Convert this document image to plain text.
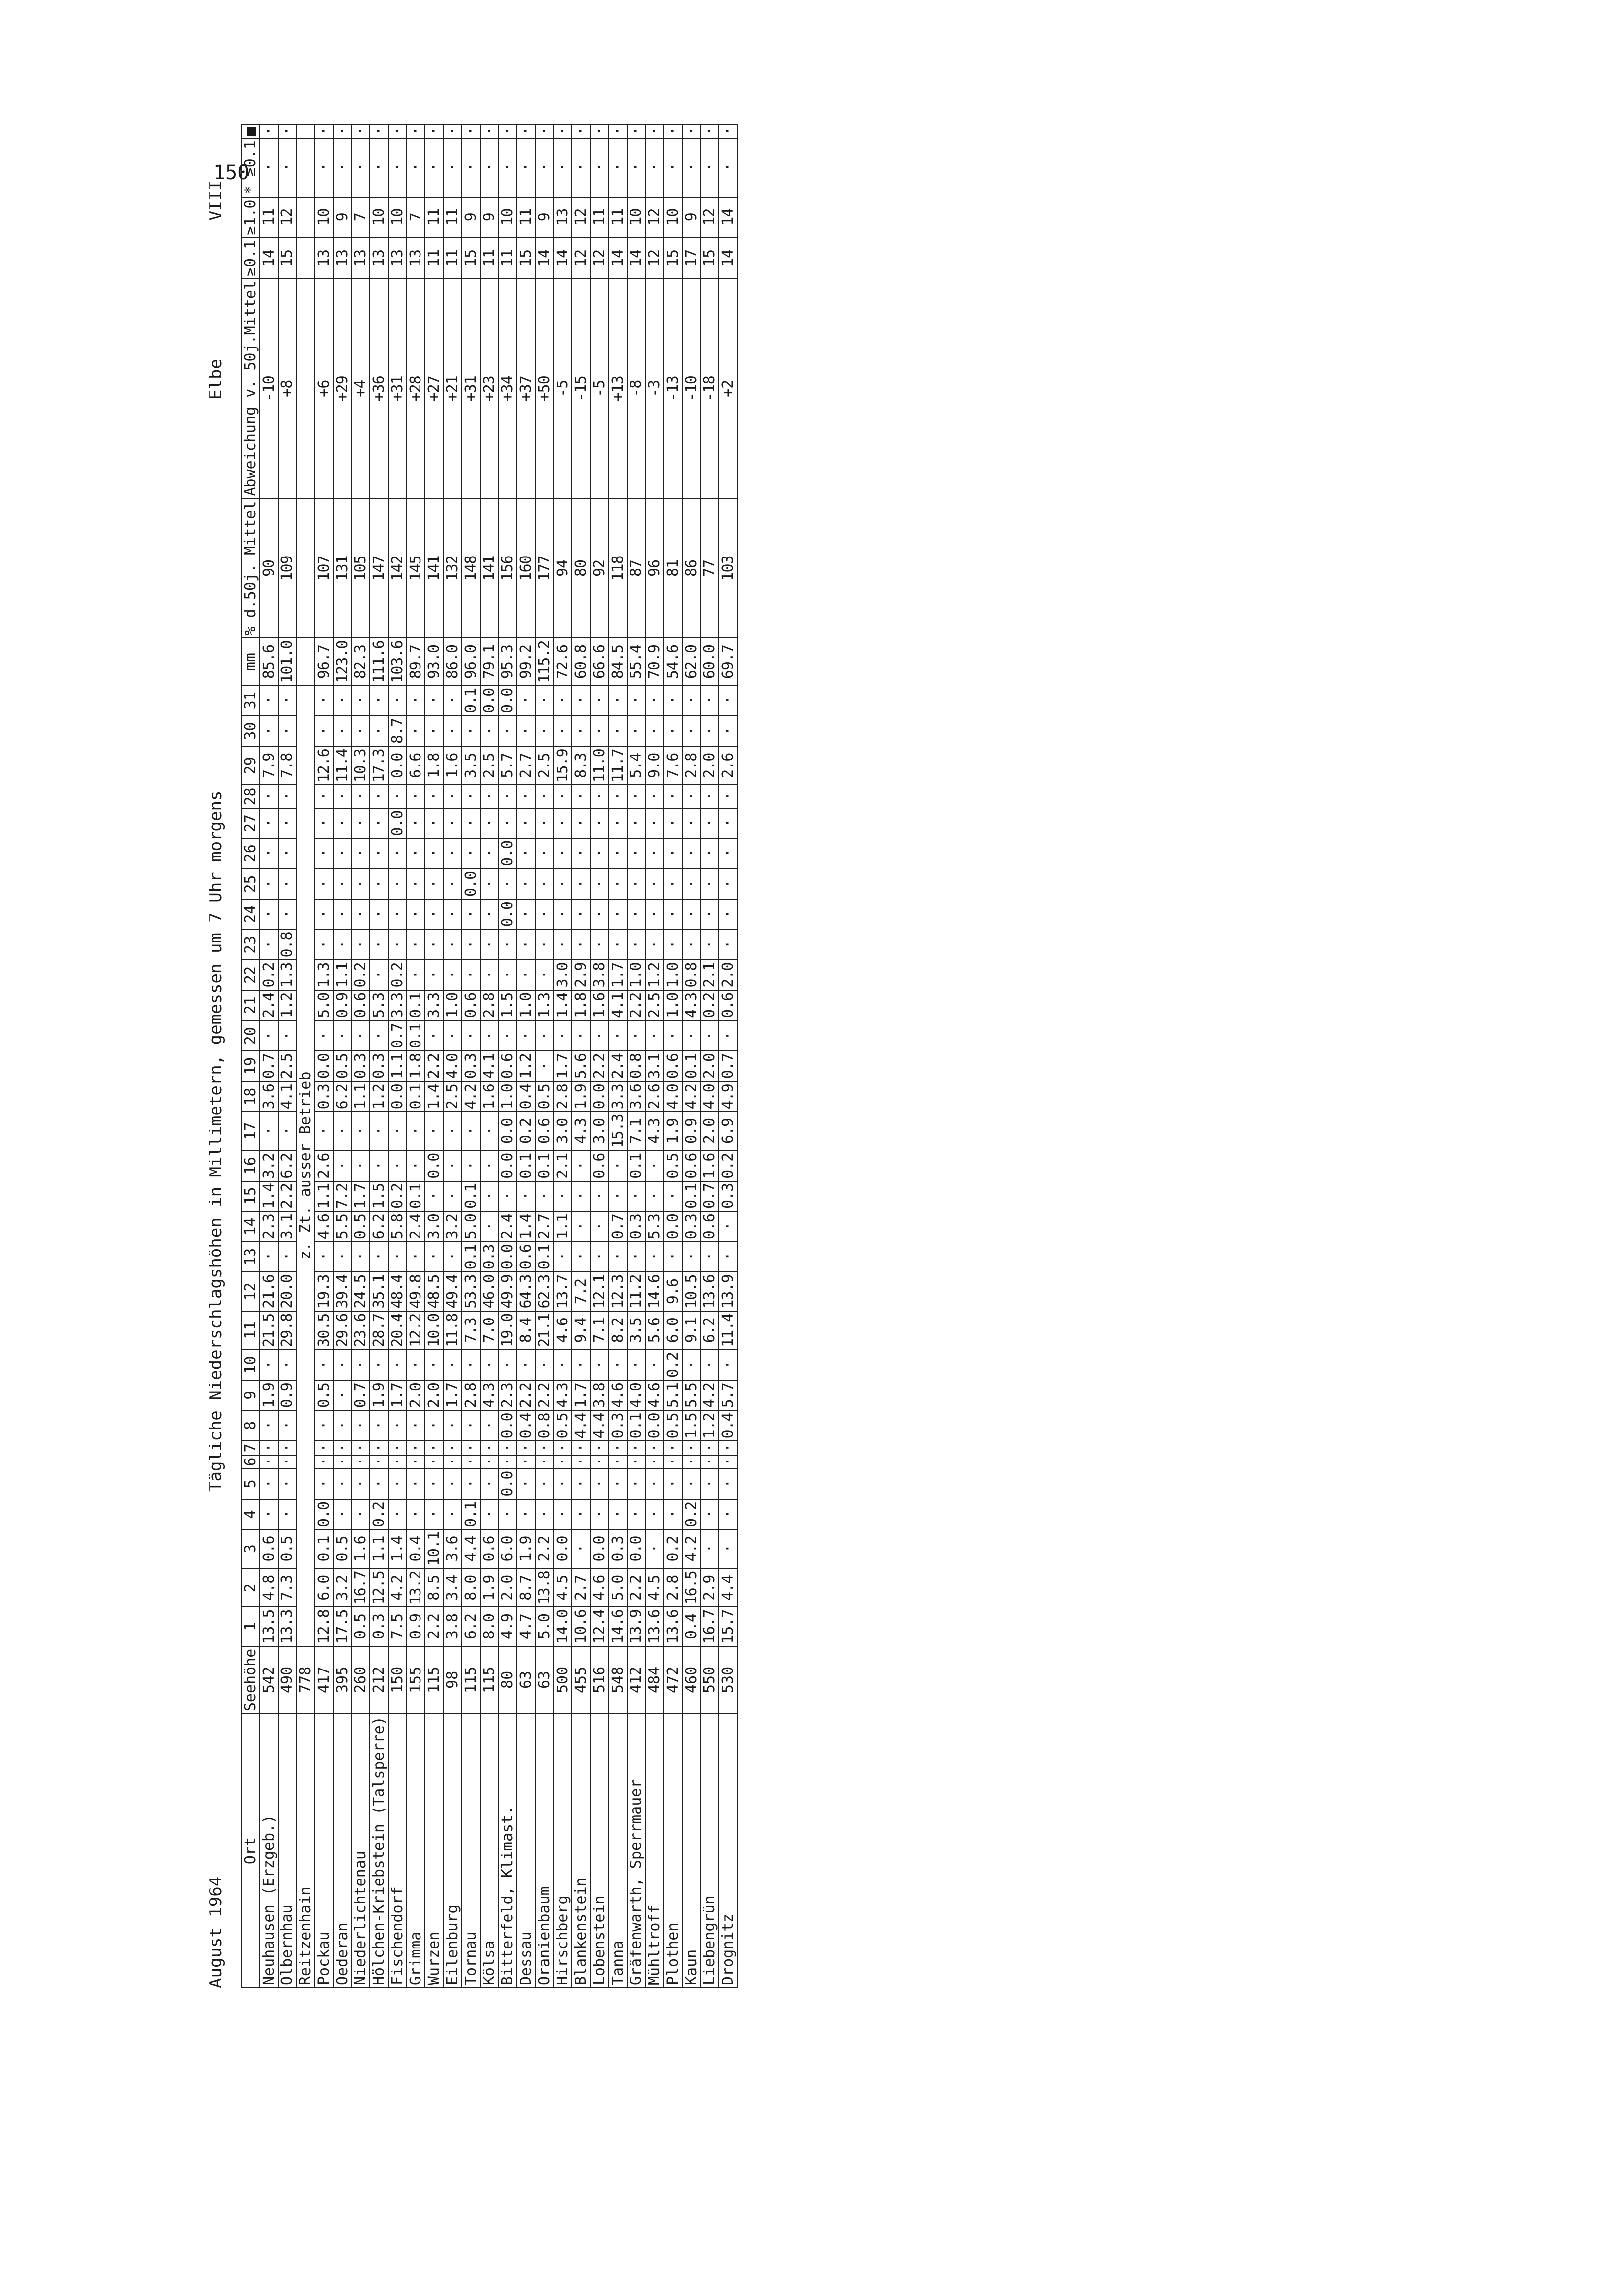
150
August 1964
Tägliche Niederschlagshöhen in Millimetern, gemessen um 7 Uhr morgens
Elbe
VIII
Ort	Seehöhe	1	2	3	4	5	6	7	8	9	10	11	12	13	14	15	16	17	18	19	20	21	22	23	24	25	26	27	28	29	30	31	mm	% d.50j. Mittel	Abweichung v. 50j.Mittel	≥0.1	≥1.0	* ≥0.1	■
Neuhausen (Erzgeb.)	542	13.5	4.8	0.6	·	·	·	·	·	1.9	·	21.5	21.6	·	2.3	1.4	3.2	·	3.6	0.7	·	2.4	0.2	·	·	·	·	·	·	7.9	·	·	85.6	90	-10	14	11	·	·
Olbernhau	490	13.3	7.3	0.5	·	·	·	·	·	0.9	·	29.8	20.0	·	3.1	2.2	6.2	·	4.1	2.5	·	1.2	1.3	0.8	·	·	·	·	·	7.8	·	·	101.0	109	+8	15	12	·	·
Reitzenhain	778	z. Zt. ausser Betrieb																																					
Pockau	417	12.8	6.0	0.1	0.0	·	·	·	·	0.5	·	30.5	19.3	·	4.6	1.1	2.6	·	0.3	0.0	·	5.0	1.3	·	·	·	·	·	·	12.6	·	·	96.7	107	+6	13	10	·	·
Oederan	395	17.5	3.2	0.5	·	·	·	·	·	·	·	29.6	39.4	·	5.5	7.2	·	·	6.2	0.5	·	0.9	1.1	·	·	·	·	·	·	11.4	·	·	123.0	131	+29	13	9	·	·
Niederlichtenau	260	0.5	16.7	1.6	·	·	·	·	·	0.7	·	23.6	24.5	·	0.5	1.7	·	·	1.1	0.3	·	0.6	0.2	·	·	·	·	·	·	10.3	·	·	82.3	105	+4	13	7	·	·
Hölchen-Kriebstein (Talsperre)	212	0.3	12.5	1.1	0.2	·	·	·	·	1.9	·	28.7	35.1	·	6.2	1.5	·	·	1.2	0.3	·	5.3	·	·	·	·	·	·	·	17.3	·	·	111.6	147	+36	13	10	·	·
Fischendorf	150	7.5	4.2	1.4	·	·	·	·	·	1.7	·	20.4	48.4	·	5.8	0.2	·	·	0.0	1.1	0.7	3.3	0.2	·	·	·	·	0.0	·	0.0	8.7	·	103.6	142	+31	13	10	·	·
Grimma	155	0.9	13.2	0.4	·	·	·	·	·	2.0	·	12.2	49.8	·	2.4	0.1	·	·	0.1	1.8	0.1	0.1	·	·	·	·	·	·	·	6.6	·	·	89.7	145	+28	13	7	·	·
Wurzen	115	2.2	8.5	10.1	·	·	·	·	·	2.0	·	10.0	48.5	·	3.0	·	0.0	·	1.4	2.2	·	3.3	·	·	·	·	·	·	·	1.8	·	·	93.0	141	+27	11	11	·	·
Eilenburg	98	3.8	3.4	3.6	·	·	·	·	·	1.7	·	11.8	49.4	·	3.2	·	·	·	2.5	4.0	·	1.0	·	·	·	·	·	·	·	1.6	·	·	86.0	132	+21	11	11	·	·
Tornau	115	6.2	8.0	4.4	0.1	·	·	·	·	2.8	·	7.3	53.3	0.1	5.0	0.1	·	·	4.2	0.3	·	0.6	·	·	·	0.0	·	·	·	3.5	·	0.1	96.0	148	+31	15	9	·	·
Kölsa	115	8.0	1.9	0.6	·	·	·	·	·	4.3	·	7.0	46.0	0.3	·	·	·	·	1.6	4.1	·	2.8	·	·	·	·	·	·	·	2.5	·	0.0	79.1	141	+23	11	9	·	·
Bitterfeld, Klimast.	80	4.9	2.0	6.0	·	0.0	·	·	0.0	2.3	·	19.0	49.9	0.0	2.4	·	0.0	0.0	1.0	0.6	·	1.5	·	·	0.0	·	0.0	·	·	5.7	·	0.0	95.3	156	+34	11	10	·	·
Dessau	63	4.7	8.7	1.9	·	·	·	·	0.4	2.2	·	8.4	64.3	0.6	1.4	·	0.1	0.2	0.4	1.2	·	1.0	·	·	·	·	·	·	·	2.7	·	·	99.2	160	+37	15	11	·	·
Oranienbaum	63	5.0	13.8	2.2	·	·	·	·	0.8	2.2	·	21.1	62.3	0.1	2.7	·	0.1	0.6	0.5	·	·	1.3	·	·	·	·	·	·	·	2.5	·	·	115.2	177	+50	14	9	·	·
Hirschberg	500	14.0	4.5	0.0	·	·	·	·	0.5	4.3	·	4.6	13.7	·	1.1	·	2.1	3.0	2.8	1.7	·	1.4	3.0	·	·	·	·	·	·	15.9	·	·	72.6	94	-5	14	13	·	·
Blankenstein	455	10.6	2.7	·	·	·	·	·	4.4	1.7	·	9.4	7.2	·	·	·	·	4.3	1.9	5.6	·	1.8	2.9	·	·	·	·	·	·	8.3	·	·	60.8	80	-15	12	12	·	·
Lobenstein	516	12.4	4.6	0.0	·	·	·	·	4.4	3.8	·	7.1	12.1	·	·	·	0.6	3.0	0.0	2.2	·	1.6	3.8	·	·	·	·	·	·	11.0	·	·	66.6	92	-5	12	11	·	·
Tanna	548	14.6	5.0	0.3	·	·	·	·	0.3	4.6	·	8.2	12.3	·	0.7	·	·	15.3	3.3	2.4	·	4.1	1.7	·	·	·	·	·	·	11.7	·	·	84.5	118	+13	14	11	·	·
Gräfenwarth, Sperrmauer	412	13.9	2.2	0.0	·	·	·	·	0.1	4.0	·	3.5	11.2	·	0.3	·	0.1	7.1	3.6	0.8	·	2.2	1.0	·	·	·	·	·	·	5.4	·	·	55.4	87	-8	14	10	·	·
Mühltroff	484	13.6	4.5	·	·	·	·	·	0.0	4.6	·	5.6	14.6	·	5.3	·	·	4.3	2.6	3.1	·	2.5	1.2	·	·	·	·	·	·	9.0	·	·	70.9	96	-3	12	12	·	·
Plothen	472	13.6	2.8	0.2	·	·	·	·	0.5	5.1	0.2	6.0	9.6	·	0.0	·	0.5	1.9	4.0	0.6	·	1.0	1.0	·	·	·	·	·	·	7.6	·	·	54.6	81	-13	15	10	·	·
Kaun	460	0.4	16.5	4.2	0.2	·	·	·	1.5	5.5	·	9.1	10.5	·	0.3	0.1	0.6	0.9	4.2	0.1	·	4.3	0.8	·	·	·	·	·	·	2.8	·	·	62.0	86	-10	17	9	·	·
Liebengrün	550	16.7	2.9	·	·	·	·	·	1.2	4.2	·	6.2	13.6	·	0.6	0.7	1.6	2.0	4.0	2.0	·	0.2	2.1	·	·	·	·	·	·	2.0	·	·	60.0	77	-18	15	12	·	·
Drognitz	530	15.7	4.4	·	·	·	·	·	0.4	5.7	·	11.4	13.9	·	·	0.3	0.2	6.9	4.9	0.7	·	0.6	2.0	·	·	·	·	·	·	2.6	·	·	69.7	103	+2	14	14	·	·
